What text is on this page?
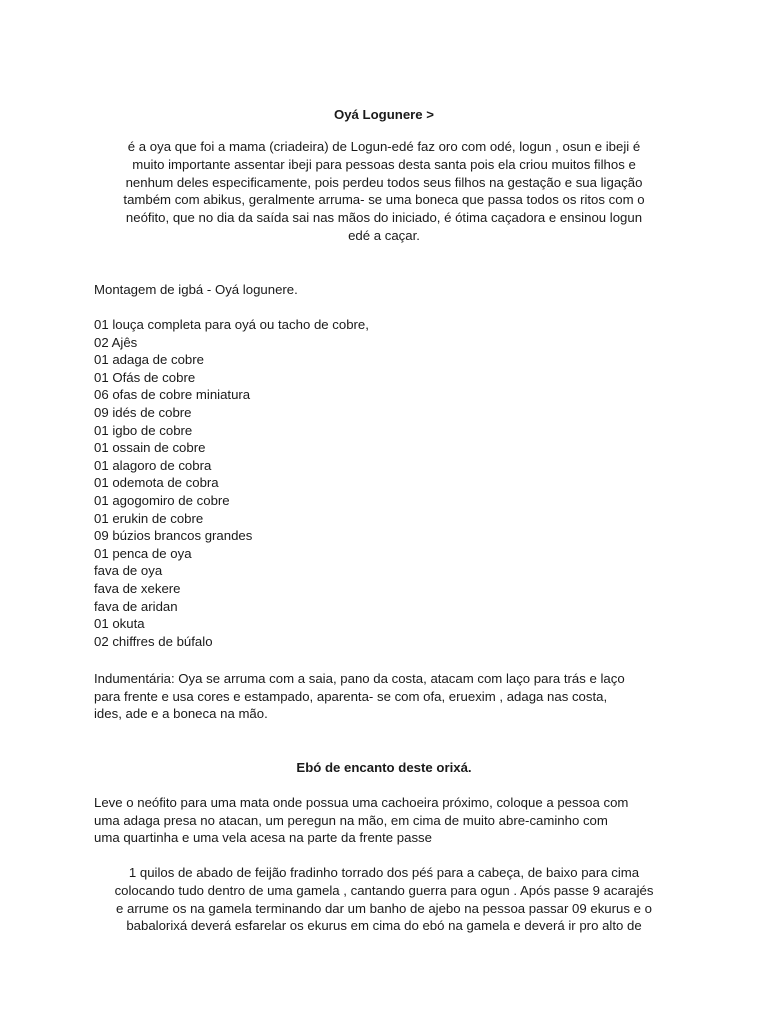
Oyá Logunere >
é a oya que foi a mama (criadeira) de Logun-edé faz oro com odé, logun , osun e ibeji é
muito importante assentar ibeji para pessoas desta santa pois ela criou muitos filhos e
nenhum deles especificamente, pois perdeu todos seus filhos na gestação e sua ligação
também com abikus, geralmente arruma- se uma boneca que passa todos os ritos com o
neófito, que no dia da saída sai nas mãos do iniciado, é ótima caçadora e ensinou logun
edé a caçar.
Montagem de igbá - Oyá logunere.
01 louça completa para oyá ou tacho de cobre,
02 Ajês
01 adaga de cobre
01 Ofás de cobre
06 ofas de cobre miniatura
09 idés de cobre
01 igbo de cobre
01 ossain de cobre
01 alagoro de cobra
01 odemota de cobra
01 agogomiro de cobre
01 erukin de cobre
09 búzios brancos grandes
01 penca de oya
fava de oya
fava de xekere
fava de aridan
01 okuta
02 chiffres de búfalo
Indumentária: Oya se arruma com a saia, pano da costa, atacam com laço para trás e laço
para frente e usa cores e estampado, aparenta- se com ofa, eruexim , adaga nas costa,
ides, ade e a boneca na mão.
Ebó de encanto deste orixá.
Leve o neófito para uma mata onde possua uma cachoeira próximo, coloque a pessoa com
uma adaga presa no atacan, um peregun na mão, em cima de muito abre-caminho com
uma quartinha e uma vela acesa na parte da frente passe
1 quilos de abado de feijão fradinho torrado dos péś para a cabeça, de baixo para cima
colocando tudo dentro de uma gamela , cantando guerra para ogun . Após passe 9 acarajés
e arrume os na gamela terminando dar um banho de ajebo na pessoa passar 09 ekurus e o
babalorixá deverá esfarelar os ekurus em cima do ebó na gamela e deverá ir pro alto de
